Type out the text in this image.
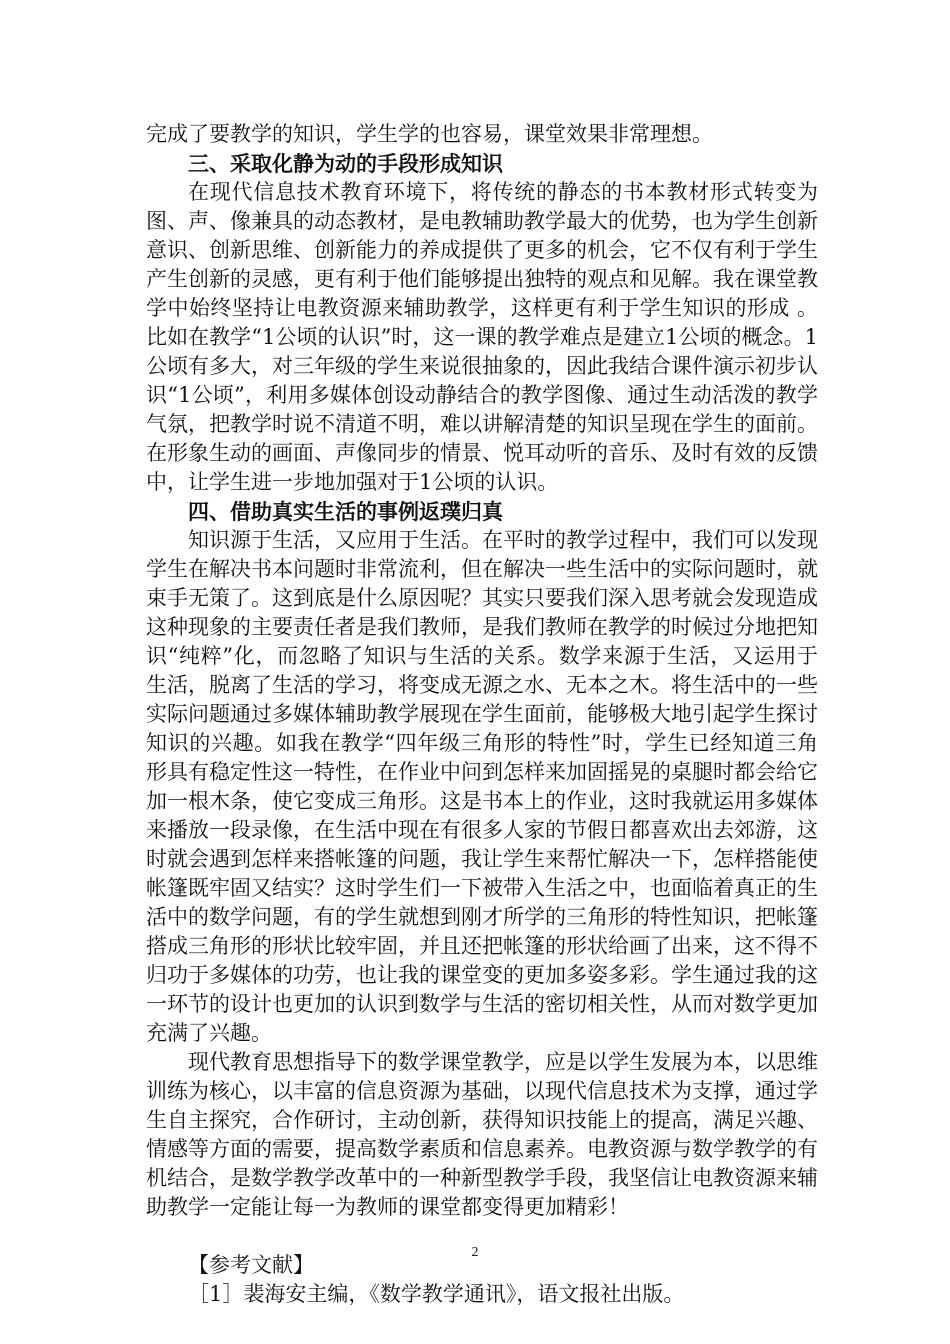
完成了要教学的知识，学生学的也容易，课堂效果非常理想。

三、采取化静为动的手段形成知识

在现代信息技术教育环境下，将传统的静态的书本教材形式转变为图、声、像兼具的动态教材，是电教辅助教学最大的优势，也为学生创新意识、创新思维、创新能力的养成提供了更多的机会，它不仅有利于学生产生创新的灵感，更有利于他们能够提出独特的观点和见解。我在课堂教学中始终坚持让电教资源来辅助教学，这样更有利于学生知识的形成 。比如在教学“1公顷的认识”时，这一课的教学难点是建立1公顷的概念。1公顷有多大，对三年级的学生来说很抽象的，因此我结合课件演示初步认识“1公顷”，利用多媒体创设动静结合的教学图像、通过生动活泼的教学气氛，把教学时说不清道不明，难以讲解清楚的知识呈现在学生的面前。在形象生动的画面、声像同步的情景、悦耳动听的音乐、及时有效的反馈中，让学生进一步地加强对于1公顷的认识。

四、借助真实生活的事例返璞归真

知识源于生活，又应用于生活。在平时的教学过程中，我们可以发现学生在解决书本问题时非常流利，但在解决一些生活中的实际问题时，就束手无策了。这到底是什么原因呢？其实只要我们深入思考就会发现造成这种现象的主要责任者是我们教师，是我们教师在教学的时候过分地把知识“纯粹”化，而忽略了知识与生活的关系。数学来源于生活，又运用于生活，脱离了生活的学习，将变成无源之水、无本之木。将生活中的一些实际问题通过多媒体辅助教学展现在学生面前，能够极大地引起学生探讨知识的兴趣。如我在教学“四年级三角形的特性”时，学生已经知道三角形具有稳定性这一特性，在作业中问到怎样来加固摇晃的桌腿时都会给它加一根木条，使它变成三角形。这是书本上的作业，这时我就运用多媒体来播放一段录像，在生活中现在有很多人家的节假日都喜欢出去郊游，这时就会遇到怎样来搭帐篷的问题，我让学生来帮忙解决一下，怎样搭能使帐篷既牢固又结实？这时学生们一下被带入生活之中，也面临着真正的生活中的数学问题，有的学生就想到刚才所学的三角形的特性知识，把帐篷搭成三角形的形状比较牢固，并且还把帐篷的形状给画了出来，这不得不归功于多媒体的功劳，也让我的课堂变的更加多姿多彩。学生通过我的这一环节的设计也更加的认识到数学与生活的密切相关性，从而对数学更加充满了兴趣。

现代教育思想指导下的数学课堂教学，应是以学生发展为本，以思维训练为核心，以丰富的信息资源为基础，以现代信息技术为支撑，通过学生自主探究，合作研讨，主动创新，获得知识技能上的提高，满足兴趣、情感等方面的需要，提高数学素质和信息素养。电教资源与数学教学的有机结合，是数学教学改革中的一种新型教学手段，我坚信让电教资源来辅助教学一定能让每一为教师的课堂都变得更加精彩！

【参考文献】

［1］裴海安主编，《数学教学通讯》，语文报社出版。

2
